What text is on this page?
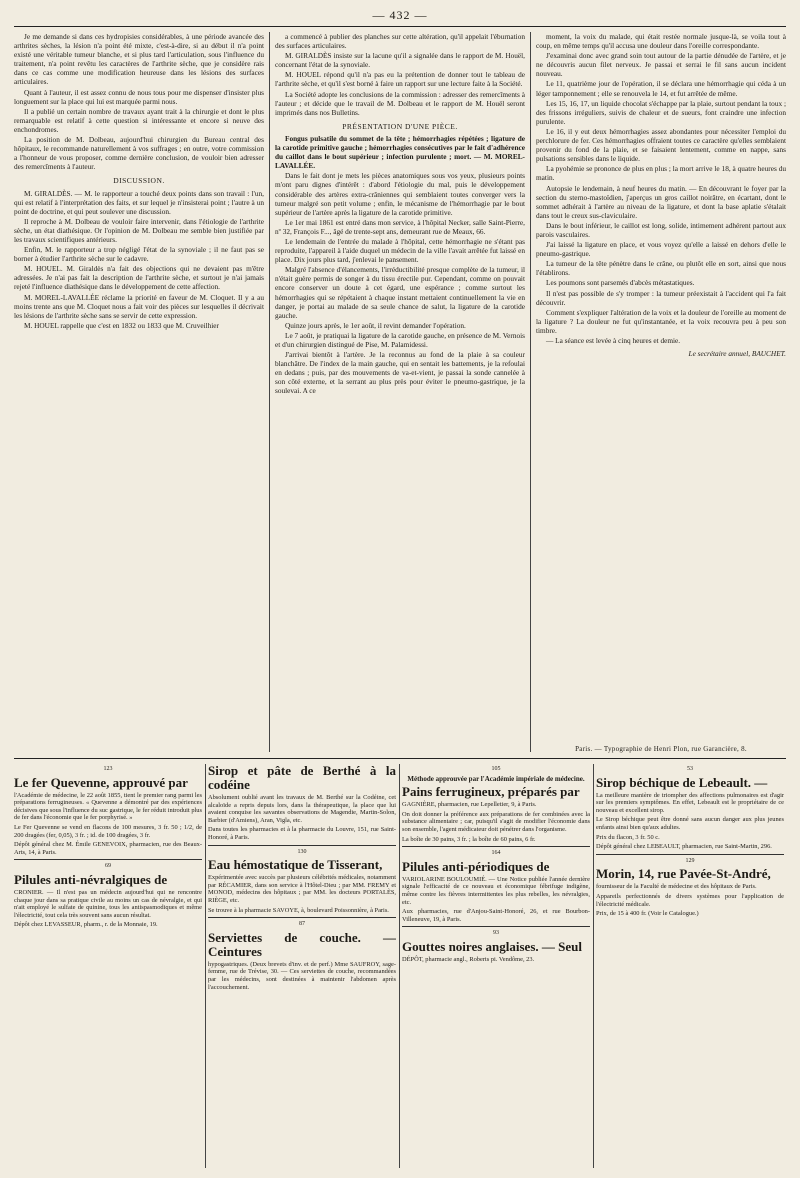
— 432 —

Je me demande si dans ces hydropisies considérables, à une période avancée des arthrites sèches, la lésion n'a point été mixte, c'est-à-dire, si au début il n'a point existé une véritable tumeur blanche, et si plus tard l'articulation, sous l'influence du traitement, n'a point revêtu les caractères de l'arthrite sèche, que je considère rais dans ce cas comme une modification heureuse dans les lésions des surfaces articulaires.

Quant à l'auteur, il est assez connu de nous tous pour me dispenser d'insister plus longuement sur la place qui lui est marquée parmi nous.

Il a publié un certain nombre de travaux ayant trait à la chirurgie et dont le plus remarquable est relatif à cette question si intéressante et encore si neuve des enchondromes.

La position de M. Dolbeau, aujourd'hui chirurgien du Bureau central des hôpitaux, le recommande naturellement à vos suffrages ; en outre, votre commission a l'honneur de vous proposer, comme dernière conclusion, de vouloir bien adresser des remercîments à l'auteur.

DISCUSSION.

M. GIRALDÈS. — M. le rapporteur a touché deux points dans son travail : l'un, qui est relatif à l'interprétation des faits, et sur lequel je n'insisterai point ; l'autre à un point de doctrine, et qui peut soulever une discussion.

Il reproche à M. Dolbeau de vouloir faire intervenir, dans l'étiologie de l'arthrite sèche, un état diathésique. Or l'opinion de M. Dolbeau me semble bien justifiée par les travaux scientifiques antérieurs.

Enfin, M. le rapporteur a trop négligé l'état de la synoviale ; il ne faut pas se borner à étudier l'arthrite sèche sur le cadavre.

M. HOUEL. M. Giraldès n'a fait des objections qui ne devaient pas m'être adressées. Je n'ai pas fait la description de l'arthrite sèche, et surtout je n'ai jamais rejeté l'influence diathésique dans le développement de cette affection.

M. MOREL-LAVALLÉE réclame la priorité en faveur de M. Cloquet. Il y a au moins trente ans que M. Cloquet nous a fait voir des pièces sur lesquelles il décrivait les lésions de l'arthrite sèche sans se servir de cette expression.

M. HOUEL rappelle que c'est en 1832 ou 1833 que M. Cruveilhier

a commencé à publier des planches sur cette altération, qu'il appelait l'éburnation des surfaces articulaires.

M. GIRALDÈS insiste sur la lacune qu'il a signalée dans le rapport de M. Houël, concernant l'état de la synoviale.

M. HOUEL répond qu'il n'a pas eu la prétention de donner tout le tableau de l'arthrite sèche, et qu'il s'est borné à faire un rapport sur une lecture faite à la Société.

La Société adopte les conclusions de la commission : adresser des remercîments à l'auteur ; et décide que le travail de M. Dolbeau et le rapport de M. Houël seront imprimés dans nos Bulletins.

PRÉSENTATION D'UNE PIÈCE.

Fongus pulsatile du sommet de la tête ; hémorrhagies répétées ; ligature de la carotide primitive gauche ; hémorrhagies consécutives par le fait d'adhérence du caillot dans le bout supérieur ; infection purulente ; mort. — M. MOREL-LAVALLÉE.

Dans le fait dont je mets les pièces anatomiques sous vos yeux, plusieurs points m'ont paru dignes d'intérêt : d'abord l'étiologie du mal, puis le développement considérable des artères extra-crâniennes qui semblaient toutes converger vers la tumeur malgré son petit volume ; enfin, le mécanisme de l'hémorrhagie par le bout supérieur de l'artère après la ligature de la carotide primitive.

Le 1er mai 1861 est entré dans mon service, à l'hôpital Necker, salle Saint-Pierre, nº 32, François F..., âgé de trente-sept ans, demeurant rue de Meaux, 66.

Le lendemain de l'entrée du malade à l'hôpital, cette hémorrhagie ne s'étant pas reproduite, l'appareil à l'aide duquel un médecin de la ville l'avait arrêtée fut laissé en place. Dix jours plus tard, j'enlevai le pansement.

Malgré l'absence d'élancements, l'irréductibilité presque complète de la tumeur, il n'était guère permis de songer à du tissu érectile pur. Cependant, comme on pouvait encore conserver un doute à cet égard, une espérance ; comme surtout les hémorrhagies qui se répétaient à chaque instant mettaient continuellement la vie en danger, je portai au malade de sa seule chance de salut, la ligature de la carotide gauche.

Quinze jours après, le 1er août, il revint demander l'opération.

Le 7 août, je pratiquai la ligature de la carotide gauche, en présence de M. Vernois et d'un chirurgien distingué de Pise, M. Palamidessi.

J'arrivai bientôt à l'artère. Je la reconnus au fond de la plaie à sa couleur blanchâtre. De l'index de la main gauche, qui en sentait les battements, je la refoulai en dedans ; puis, par des mouvements de va-et-vient, je passai la sonde cannelée à son côté externe, et la serrant au plus près pour éviter le pneumo-gastrique, je la soulevai. A ce

moment, la voix du malade, qui était restée normale jusque-là, se voila tout à coup, en même temps qu'il accusa une douleur dans l'oreille correspondante.

J'examinai donc avec grand soin tout autour de la partie dénudée de l'artère, et je ne découvris aucun filet nerveux. Je passai et serrai le fil sans aucun incident nouveau.

Le 11, quatrième jour de l'opération, il se déclara une hémorrhagie qui céda à un léger tamponnement ; elle se renouvela le 14, et fut arrêtée de même.

Les 15, 16, 17, un liquide chocolat s'échappe par la plaie, surtout pendant la toux ; des frissons irréguliers, suivis de chaleur et de sueurs, font craindre une infection purulente.

Le 16, il y eut deux hémorrhagies assez abondantes pour nécessiter l'emploi du perchlorure de fer. Ces hémorrhagies offraient toutes ce caractère qu'elles semblaient provenir du fond de la plaie, et se faisaient lentement, comme en nappe, sans pulsations sensibles dans le liquide.

La pyohémie se prononce de plus en plus ; la mort arrive le 18, à quatre heures du matin.

Autopsie le lendemain, à neuf heures du matin. — En découvrant le foyer par la section du sterno-mastoïdien, j'aperçus un gros caillot noirâtre, en écartant, dont le sommet adhérait à l'artère au niveau de la ligature, et dont la base aplatie s'étalait dans tout le creux sus-claviculaire.

Dans le bout inférieur, le caillot est long, solide, intimement adhérent partout aux parois vasculaires.

J'ai laissé la ligature en place, et vous voyez qu'elle a laissé en dehors d'elle le pneumo-gastrique.

La tumeur de la tête pénètre dans le crâne, ou plutôt elle en sort, ainsi que nous l'établirons.

Les poumons sont parsemés d'abcès métastatiques.

Il n'est pas possible de s'y tromper : la tumeur préexistait à l'accident qui l'a fait découvrir.

Comment s'expliquer l'altération de la voix et la douleur de l'oreille au moment de la ligature ? La douleur ne fut qu'instantanée, et la voix recouvra peu à peu son timbre.

— La séance est levée à cinq heures et demie.

Le secrétaire annuel, BAUCHET.

Paris. — Typographie de Henri Plon, rue Garancière, 8.
123
Le fer Quevenne, approuvé par

l'Académie de médecine, le 22 août 1855, tient le premier rang parmi les préparations ferrugineuses. « Quevenne a démontré par des expériences décisives que sous l'influence du suc gastrique, le fer réduit introduit plus de fer dans l'économie que le fer porphyrisé. »

Le Fer Quevenne se vend en flacons de 100 mesures, 3 fr. 50 ; 1/2, de 200 dragées (fer, 0,05), 3 fr. ; id. de 100 dragées, 3 fr.

Dépôt général chez M. Émile GENEVOIX, pharmacien, rue des Beaux-Arts, 14, à Paris.

69
Pilules anti-névralgiques de

CRONIER. — Il n'est pas un médecin aujourd'hui qui ne rencontre chaque jour dans sa pratique civile au moins un cas de névralgie, et qui n'ait employé le sulfate de quinine, tous les antispasmodiques et même l'électricité, tout cela très souvent sans aucun résultat.

Dépôt chez LEVASSEUR, pharm., r. de la Monnaie, 19.

Sirop et pâte de Berthé à la codéine

Absolument oublié avant les travaux de M. Berthé sur la Codéine, cet alcaloïde a repris depuis lors, dans la thérapeutique, la place que lui avaient conquise les savantes observations de Magendie, Martin-Solon, Barbier (d'Amiens), Aran, Vigla, etc.

Dans toutes les pharmacies et à la pharmacie du Louvre, 151, rue Saint-Honoré, à Paris.

130
Eau hémostatique de Tisserant,

Expérimentée avec succès par plusieurs célébrités médicales, notamment par RÉCAMIER, dans son service à l'Hôtel-Dieu ; par MM. FREMY et MONOD, médecins des hôpitaux ; par MM. les docteurs PORTALÈS, RIÈGE, etc.

Se trouve à la pharmacie SAVOYE, à, boulevard Poissonnière, à Paris.

87
Serviettes de couche. — Ceintures

hypogastriques. (Deux brevets d'inv. et de perf.) Mme SAUFROY, sage-femme, rue de Trévise, 30. — Ces serviettes de couche, recommandées par les médecins, sont destinées à maintenir l'abdomen après l'accouchement.

105
Méthode approuvée par l'Académie impériale de médecine.
Pains ferrugineux, préparés par

GAGNIÈRE, pharmacien, rue Lepelletier, 9, à Paris.

On doit donner la préférence aux préparations de fer combinées avec la substance alimentaire ; car, puisqu'il s'agit de modifier l'économie dans son ensemble, l'agent médicateur doit pénétrer dans l'organisme.

La boîte de 30 pains, 3 fr. ; la boîte de 60 pains, 6 fr.

164
Pilules anti-périodiques de

VARIOLARINE BOULOUMIÉ. — Une Notice publiée l'année dernière signale l'efficacité de ce nouveau et économique fébrifuge indigène, même contre les fièvres intermittentes les plus rebelles, les névralgies, etc.

Aux pharmacies, rue d'Anjou-Saint-Honoré, 26, et rue Bourbon-Villeneuve, 19, à Paris.

93
Gouttes noires anglaises. — Seul

DÉPÔT, pharmacie angl., Roberts pi. Vendôme, 23.

53
Sirop béchique de Lebeault. —

La meilleure manière de triompher des affections pulmonaires est d'agir sur les premiers symptômes. En effet, Lebeault est le propriétaire de ce nouveau et excellent sirop.

Le Sirop béchique peut être donné sans aucun danger aux plus jeunes enfants ainsi bien qu'aux adultes.

Prix du flacon, 3 fr. 50 c.

Dépôt général chez LEBEAULT, pharmacien, rue Saint-Martin, 296.

129
Morin, 14, rue Pavée-St-André,

fournisseur de la Faculté de médecine et des hôpitaux de Paris.

Appareils perfectionnés de divers systèmes pour l'application de l'électricité médicale.

Prix, de 15 à 400 fr. (Voir le Catalogue.)
